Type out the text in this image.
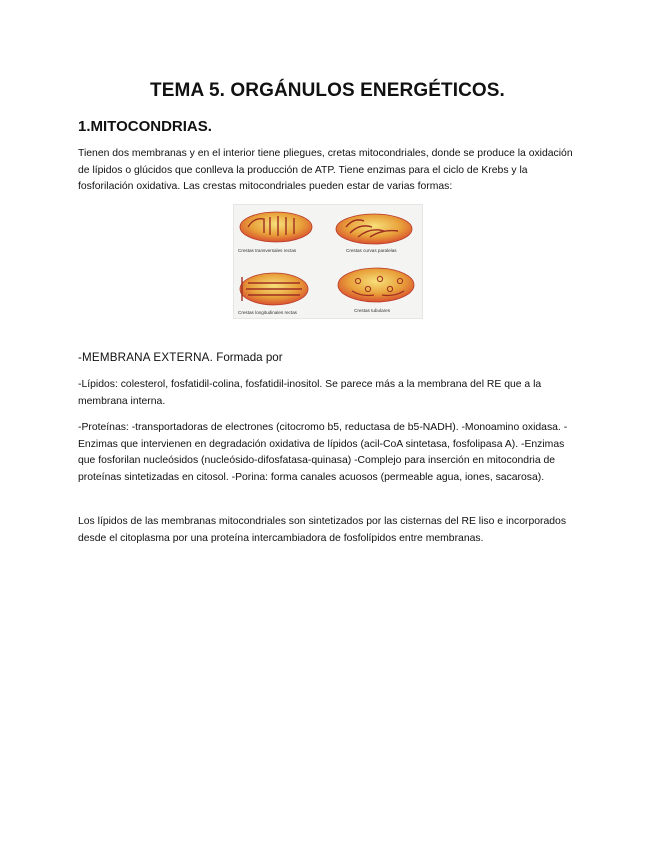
TEMA 5. ORGÁNULOS ENERGÉTICOS.
1.MITOCONDRIAS.

Tienen dos membranas y en el interior tiene pliegues, cretas mitocondriales, donde se produce la oxidación de lípidos o glúcidos que conlleva la producción de ATP. Tiene enzimas para el ciclo de Krebs y la fosforilación oxidativa. Las crestas mitocondriales pueden estar de varias formas:

Crestas transversales rectas	Crestas curvas paralelas
Crestas longitudinales rectas	Crestas tubulares

-MEMBRANA EXTERNA. Formada por

-Lípidos: colesterol, fosfatidil-colina, fosfatidil-inositol. Se parece más a la membrana del RE que a la membrana interna.

-Proteínas: -transportadoras de electrones (citocromo b5, reductasa de b5-NADH). -Monoamino oxidasa. -Enzimas que intervienen en degradación oxidativa de lípidos (acil-CoA sintetasa, fosfolipasa A). -Enzimas que fosforilan nucleósidos (nucleósido-difosfatasa-quinasa) -Complejo para inserción en mitocondria de proteínas sintetizadas en citosol. -Porina: forma canales acuosos (permeable agua, iones, sacarosa).

Los lípidos de las membranas mitocondriales son sintetizados por las cisternas del RE liso e incorporados desde el citoplasma por una proteína intercambiadora de fosfolípidos entre membranas.
